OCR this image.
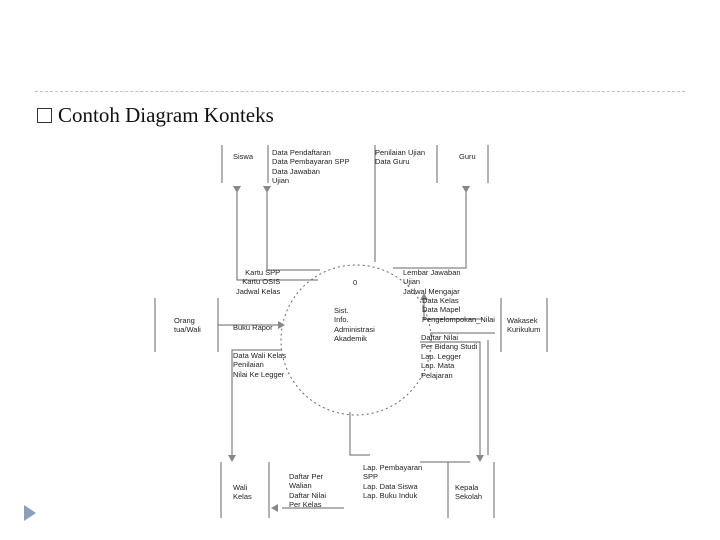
Contoh Diagram Konteks
Siswa	Guru
Orang
tua/Wali
Wakasek
Kurikulum
Wali
Kelas
Kepala
Sekolah
0
Sist.
Info.
Administrasi
Akademik
Data Pendaftaran
Data Pembayaran SPP
Data Jawaban
Ujian
Penilaian Ujian
Data Guru
Kartu SPP
Kartu OSIS
Jadwal Kelas
Lembar Jawaban
Ujian
Jadwal Mengajar
Data Kelas
Data Mapel
Pengelompokan_Nilai
Daftar Nilai
Per Bidang Studi
Lap. Legger
Lap. Mata
Pelajaran
Buku Rapor
Data Wali Kelas
Penilaian
Nilai Ke Legger
Daftar Per
Walian
Daftar Nilai
Per Kelas
Lap. Pembayaran
SPP
Lap. Data Siswa
Lap. Buku Induk
